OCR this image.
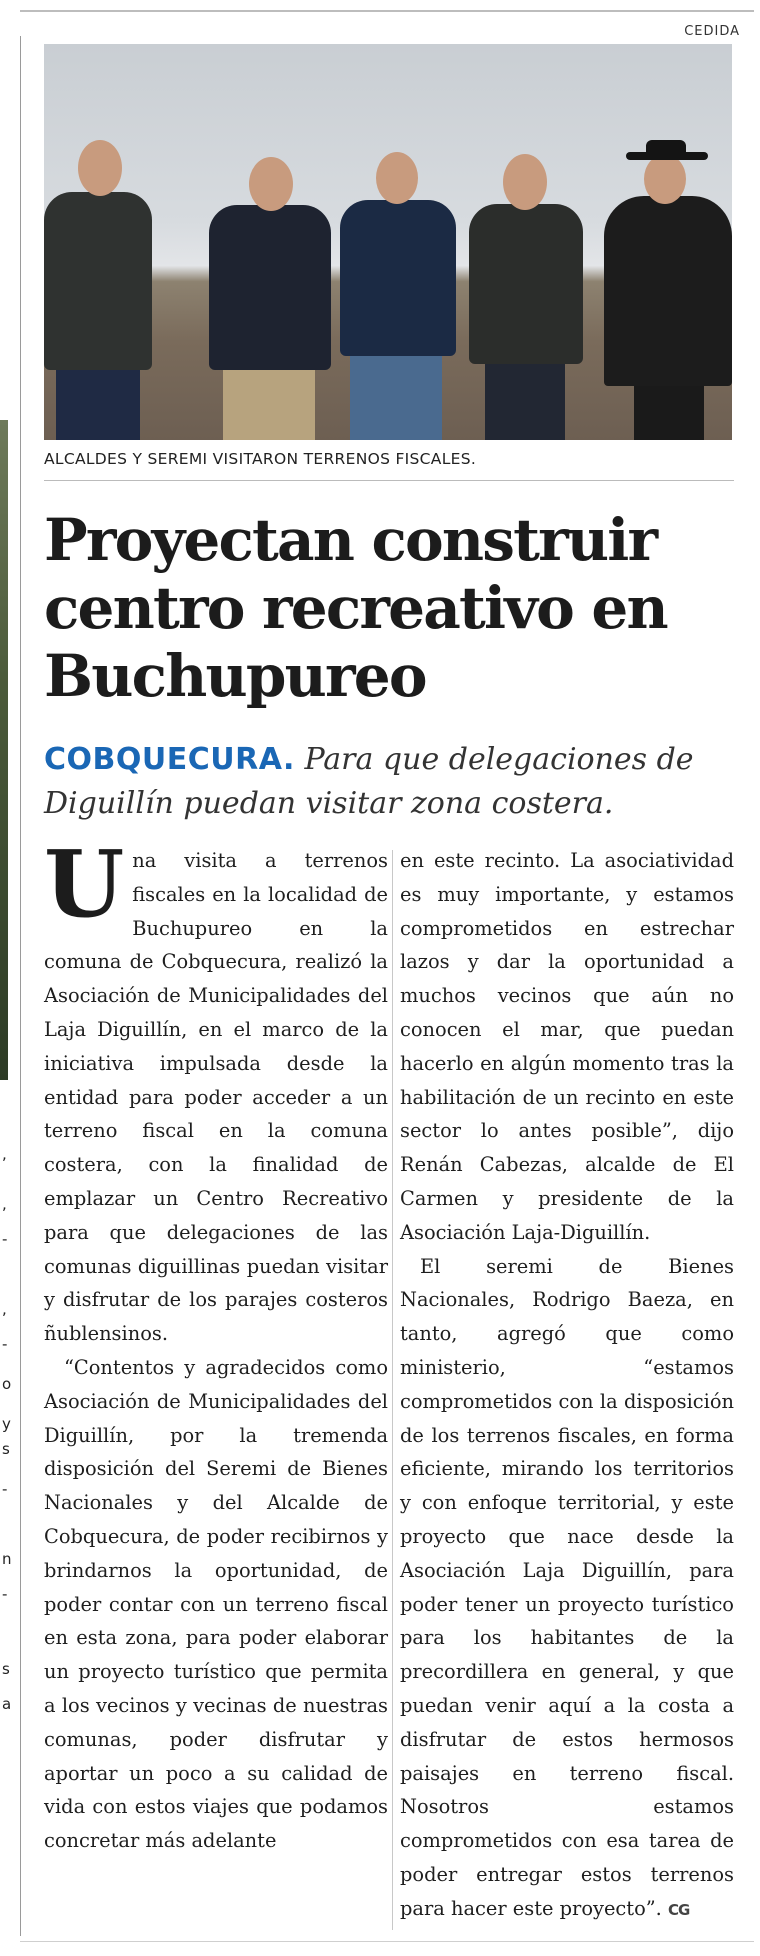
CEDIDA
,
,
-
,
-
o
y
s
-
n
-
s
a
ALCALDES Y SEREMI VISITARON TERRENOS FISCALES.
Proyectan construir centro recreativo en Buchupureo
COBQUECURA. Para que delegaciones de Diguillín puedan visitar zona costera.
U na visita a terrenos fiscales en la localidad de Buchupureo en la comuna de Cobquecura, realizó la Asociación de Municipalidades del Laja Diguillín, en el marco de la iniciativa impulsada desde la entidad para poder acceder a un terreno fiscal en la comuna costera, con la finalidad de emplazar un Centro Recreativo para que delegaciones de las comunas diguillinas puedan visitar y disfrutar de los parajes costeros ñublensinos.

“Contentos y agradecidos como Asociación de Municipalidades del Diguillín, por la tremenda disposición del Seremi de Bienes Nacionales y del Alcalde de Cobquecura, de poder recibirnos y brindarnos la oportunidad, de poder contar con un terreno fiscal en esta zona, para poder elaborar un proyecto turístico que permita a los vecinos y vecinas de nuestras comunas, poder disfrutar y aportar un poco a su calidad de vida con estos viajes que podamos concretar más adelante

en este recinto. La asociatividad es muy importante, y estamos comprometidos en estrechar lazos y dar la oportunidad a muchos vecinos que aún no conocen el mar, que puedan hacerlo en algún momento tras la habilitación de un recinto en este sector lo antes posible”, dijo Renán Cabezas, alcalde de El Carmen y presidente de la Asociación Laja-Diguillín.

El seremi de Bienes Nacionales, Rodrigo Baeza, en tanto, agregó que como ministerio, “estamos comprometidos con la disposición de los terrenos fiscales, en forma eficiente, mirando los territorios y con enfoque territorial, y este proyecto que nace desde la Asociación Laja Diguillín, para poder tener un proyecto turístico para los habitantes de la precordillera en general, y que puedan venir aquí a la costa a disfrutar de estos hermosos paisajes en terreno fiscal. Nosotros estamos comprometidos con esa tarea de poder entregar estos terrenos para hacer este proyecto”. CG
